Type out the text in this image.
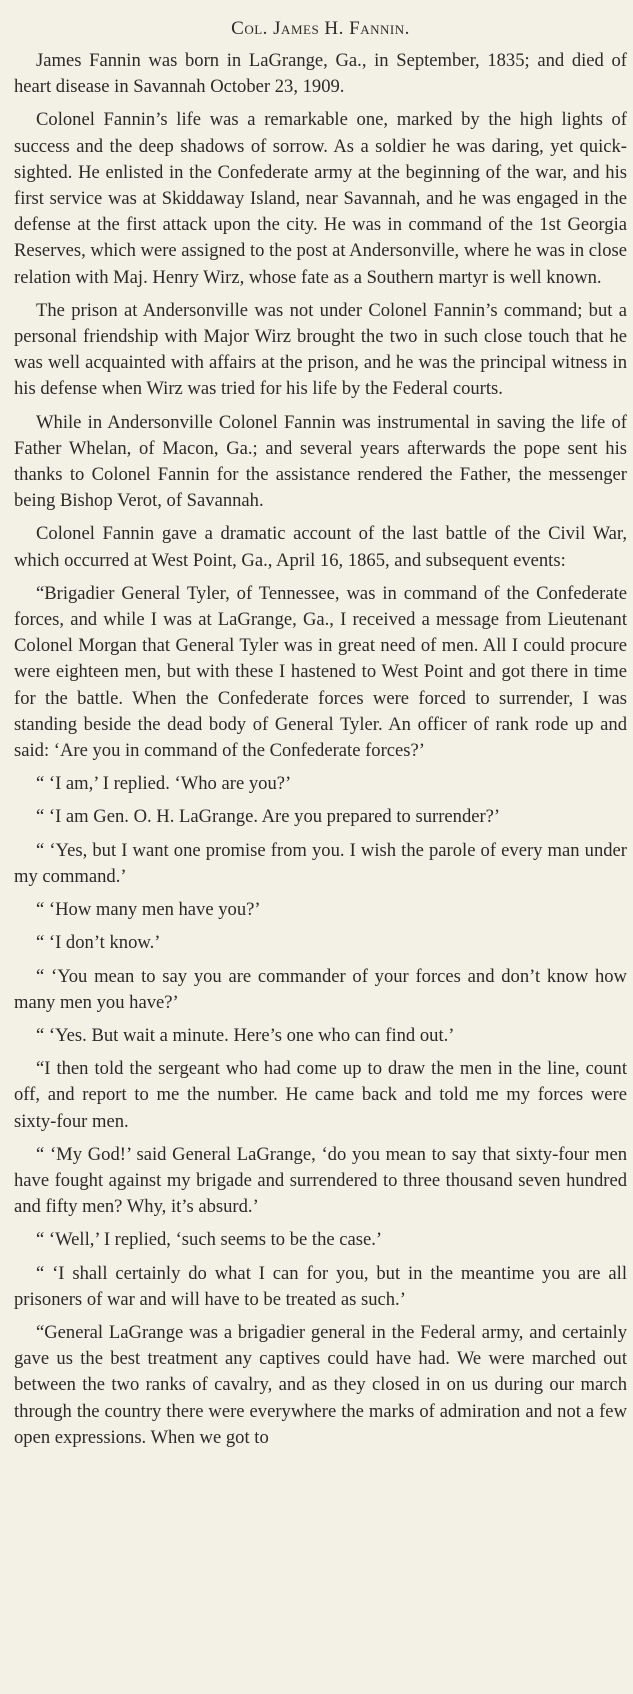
Col. James H. Fannin.

James Fannin was born in LaGrange, Ga., in September, 1835; and died of heart disease in Savannah October 23, 1909.

Colonel Fannin’s life was a remarkable one, marked by the high lights of success and the deep shadows of sorrow. As a soldier he was daring, yet quick-sighted. He enlisted in the Confederate army at the beginning of the war, and his first service was at Skiddaway Island, near Savannah, and he was engaged in the defense at the first attack upon the city. He was in command of the 1st Georgia Reserves, which were assigned to the post at Andersonville, where he was in close relation with Maj. Henry Wirz, whose fate as a Southern martyr is well known.

The prison at Andersonville was not under Colonel Fannin’s command; but a personal friendship with Major Wirz brought the two in such close touch that he was well acquainted with affairs at the prison, and he was the principal witness in his defense when Wirz was tried for his life by the Federal courts.

While in Andersonville Colonel Fannin was instrumental in saving the life of Father Whelan, of Macon, Ga.; and several years afterwards the pope sent his thanks to Colonel Fannin for the assistance rendered the Father, the messenger being Bishop Verot, of Savannah.

Colonel Fannin gave a dramatic account of the last battle of the Civil War, which occurred at West Point, Ga., April 16, 1865, and subsequent events:

“Brigadier General Tyler, of Tennessee, was in command of the Confederate forces, and while I was at LaGrange, Ga., I received a message from Lieutenant Colonel Morgan that General Tyler was in great need of men. All I could procure were eighteen men, but with these I hastened to West Point and got there in time for the battle. When the Confederate forces were forced to surrender, I was standing beside the dead body of General Tyler. An officer of rank rode up and said: ‘Are you in command of the Confederate forces?’

“ ‘I am,’ I replied. ‘Who are you?’

“ ‘I am Gen. O. H. LaGrange. Are you prepared to surrender?’

“ ‘Yes, but I want one promise from you. I wish the parole of every man under my command.’

“ ‘How many men have you?’

“ ‘I don’t know.’

“ ‘You mean to say you are commander of your forces and don’t know how many men you have?’

“ ‘Yes. But wait a minute. Here’s one who can find out.’

“I then told the sergeant who had come up to draw the men in the line, count off, and report to me the number. He came back and told me my forces were sixty-four men.

“ ‘My God!’ said General LaGrange, ‘do you mean to say that sixty-four men have fought against my brigade and surrendered to three thousand seven hundred and fifty men? Why, it’s absurd.’

“ ‘Well,’ I replied, ‘such seems to be the case.’

“ ‘I shall certainly do what I can for you, but in the meantime you are all prisoners of war and will have to be treated as such.’

“General LaGrange was a brigadier general in the Federal army, and certainly gave us the best treatment any captives could have had. We were marched out between the two ranks of cavalry, and as they closed in on us during our march through the country there were everywhere the marks of admiration and not a few open expressions. When we got to
